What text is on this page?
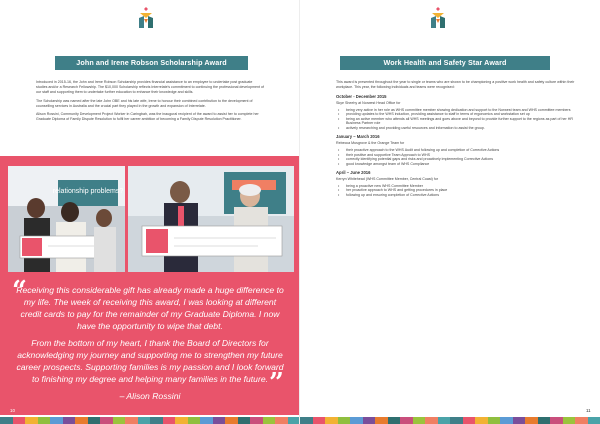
John and Irene Robson Scholarship Award

Introduced in 2015-16, the John and Irene Robson Scholarship provides financial assistance to an employee to undertake post graduate studies and/or a Research Fellowship. The $10,000 Scholarship reflects Interrelate's commitment to continuing the professional development of our staff and supporting them to undertake further education to enhance their knowledge and skills.

The Scholarship was named after the late John OBE and his late wife, Irene to honour their combined contribution to the development of counselling services in Australia and the crucial part they played in the growth and expansion of Interrelate.

Alison Rossini, Community Development Project Worker in Caringbah, was the inaugural recipient of the award to assist her to complete her Graduate Diploma of Family Dispute Resolution to fulfil her career ambition of becoming a Family Dispute Resolution Practitioner.

relationship problems?
“

Receiving this considerable gift has already made a huge difference to my life. The week of receiving this award, I was looking at different credit cards to pay for the remainder of my Graduate Diploma. I now have the opportunity to wipe that debt.

From the bottom of my heart, I thank the Board of Directors for acknowledging my journey and supporting me to strengthen my future career prospects. Supporting families is my passion and I look forward to finishing my degree and helping many families in the future.

– Alison Rossini	”
10
Work Health and Safety Star Award

This award is presented throughout the year to single or teams who are shown to be championing a positive work health and safety culture within their workplace. This year, the following individuals and teams were recognised:

October - December 2015
Skye Sheehy at Norwest Head Office for
• being very active in her role as WHS committee member showing dedication and support to the Norwest team and WHS committee members
• providing updates to the WHS induction, providing assistance to staff in terms of ergonomics and workstation set up
• being an active member who attends all WHS meetings and goes above and beyond to provide further support to the regions as part of her HR Business Partner role
• actively researching and providing useful resources and information to assist the group.
January – March 2016
Rebecca Musgrove & the Orange Team for
• their proactive approach to the WHS Audit and following up and completion of Corrective Actions
• their positive and supportive Team Approach to WHS
• correctly identifying potential gaps and risks and proactively implementing Corrective Actions
• good knowledge amongst team of WHS Compliance
April – June 2016
Kerryn Whitehead (WHS Committee Member, Central Coast) for
• being a proactive new WHS Committee Member
• her proactive approach to WHS and getting procedures in place
• following up and ensuring completion of Corrective Actions
11
